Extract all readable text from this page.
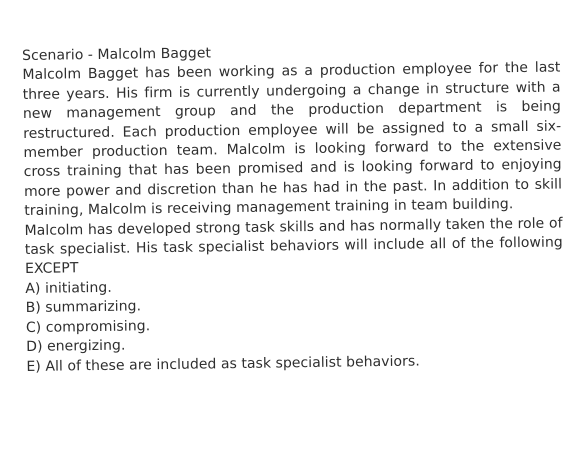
Scenario - Malcolm Bagget

Malcolm Bagget has been working as a production employee for the last three years. His firm is currently undergoing a change in structure with a new management group and the production department is being restructured. Each production employee will be assigned to a small six-member production team. Malcolm is looking forward to the extensive cross training that has been promised and is looking forward to enjoying more power and discretion than he has had in the past. In addition to skill training, Malcolm is receiving management training in team building.

Malcolm has developed strong task skills and has normally taken the role of task specialist. His task specialist behaviors will include all of the following EXCEPT

A) initiating.
B) summarizing.
C) compromising.
D) energizing.
E) All of these are included as task specialist behaviors.
